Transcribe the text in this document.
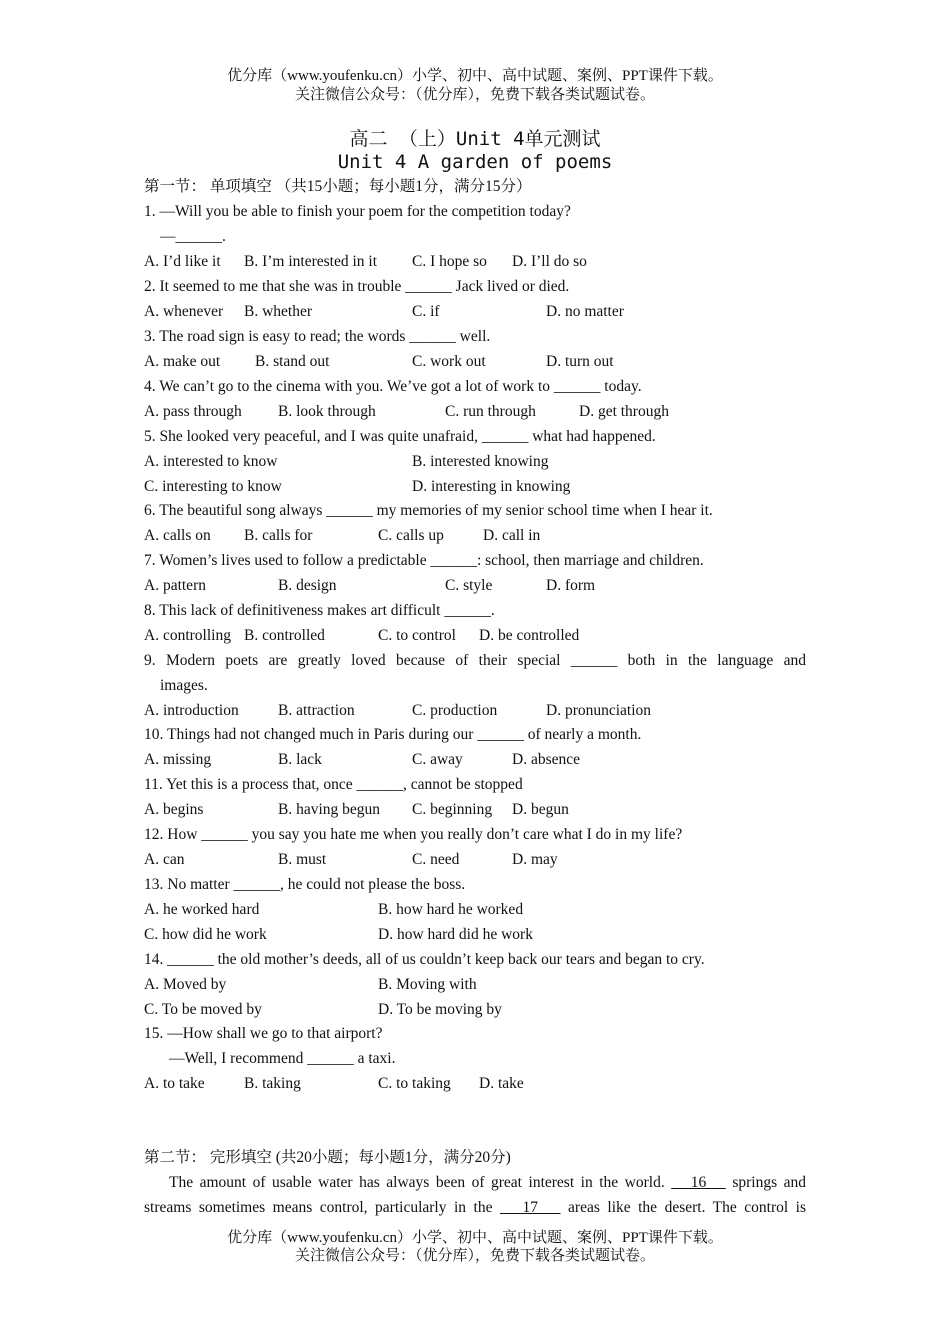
优分库（www.youfenku.cn）小学、初中、高中试题、案例、PPT课件下载。
关注微信公众号：（优分库），免费下载各类试题试卷。
高二 （上）Unit 4单元测试
Unit 4 A garden of poems
第一节： 单项填空 （共15小题；每小题1分，满分15分）
1. —Will you be able to finish your poem for the competition today?
—______.
A. I’d like it B. I’m interested in it C. I hope so D. I’ll do so
2. It seemed to me that she was in trouble ______ Jack lived or died.
A. whenever B. whether	C. if	D. no matter
3. The road sign is easy to read; the words ______ well.
A. make out B. stand out	C. work out	D. turn out
4. We can’t go to the cinema with you. We’ve got a lot of work to ______ today.
A. pass through B. look through	C. run through	D. get through
5. She looked very peaceful, and I was quite unafraid, ______ what had happened.
A. interested to know	B. interested knowing
C. interesting to know	D. interesting in knowing
6. The beautiful song always ______ my memories of my senior school time when I hear it.
A. calls on B. calls for	C. calls up	D. call in
7. Women’s lives used to follow a predictable ______: school, then marriage and children.
A. pattern	B. design	C. style	D. form
8. This lack of definitiveness makes art difficult ______.
A. controlling B. controlled	C. to control D. be controlled
9. Modern poets are greatly loved because of their special ______ both in the language and
images.
A. introduction	B. attraction	C. production	D. pronunciation
10. Things had not changed much in Paris during our ______ of nearly a month.
A. missing	B. lack	C. away	D. absence
11. Yet this is a process that, once ______, cannot be stopped
A. begins	B. having begun C. beginning D. begun
12. How ______ you say you hate me when you really don’t care what I do in my life?
A. can	B. must	C. need	D. may
13. No matter ______, he could not please the boss.
A. he worked hard	B. how hard he worked
C. how did he work	D. how hard did he work
14. ______ the old mother’s deeds, all of us couldn’t keep back our tears and began to cry.
A. Moved by	B. Moving with
C. To be moved by	D. To be moving by
15. —How shall we go to that airport?
—Well, I recommend ______ a taxi.
A. to take	B. taking	C. to taking D. take
第二节： 完形填空 (共20小题；每小题1分，满分20分)
The amount of usable water has always been of great interest in the world.    16    springs and
streams sometimes means control, particularly in the    17    areas like the desert. The control is
优分库（www.youfenku.cn）小学、初中、高中试题、案例、PPT课件下载。
关注微信公众号：（优分库），免费下载各类试题试卷。
